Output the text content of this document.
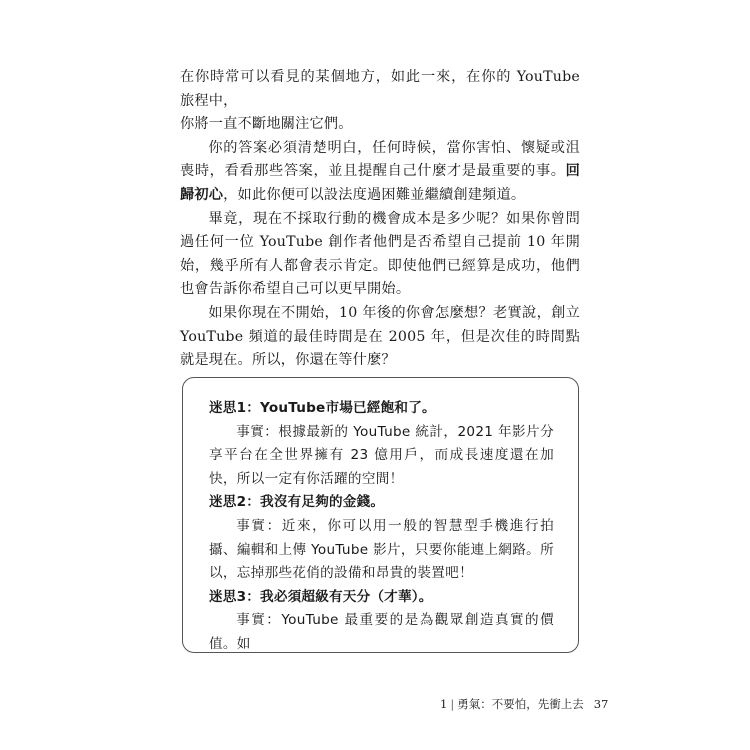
在你時常可以看見的某個地方，如此一來，在你的 YouTube 旅程中，
你將一直不斷地關注它們。

你的答案必須清楚明白，任何時候，當你害怕、懷疑或沮喪時，看看那些答案，並且提醒自己什麼才是最重要的事。回歸初心，如此你便可以設法度過困難並繼續創建頻道。

畢竟，現在不採取行動的機會成本是多少呢？如果你曾問過任何一位 YouTube 創作者他們是否希望自己提前 10 年開始，幾乎所有人都會表示肯定。即使他們已經算是成功，他們也會告訴你希望自己可以更早開始。

如果你現在不開始，10 年後的你會怎麼想？老實說，創立 YouTube 頻道的最佳時間是在 2005 年，但是次佳的時間點就是現在。所以，你還在等什麼？

迷思1：YouTube市場已經飽和了。

事實：根據最新的 YouTube 統計，2021 年影片分享平台在全世界擁有 23 億用戶，而成長速度還在加快，所以一定有你活躍的空間！

迷思2：我沒有足夠的金錢。

事實：近來，你可以用一般的智慧型手機進行拍攝、編輯和上傳 YouTube 影片，只要你能連上網路。所以，忘掉那些花俏的設備和昂貴的裝置吧！

迷思3：我必須超級有天分（才華）。

事實：YouTube 最重要的是為觀眾創造真實的價值。如

1 | 勇氣：不要怕，先衝上去 37
